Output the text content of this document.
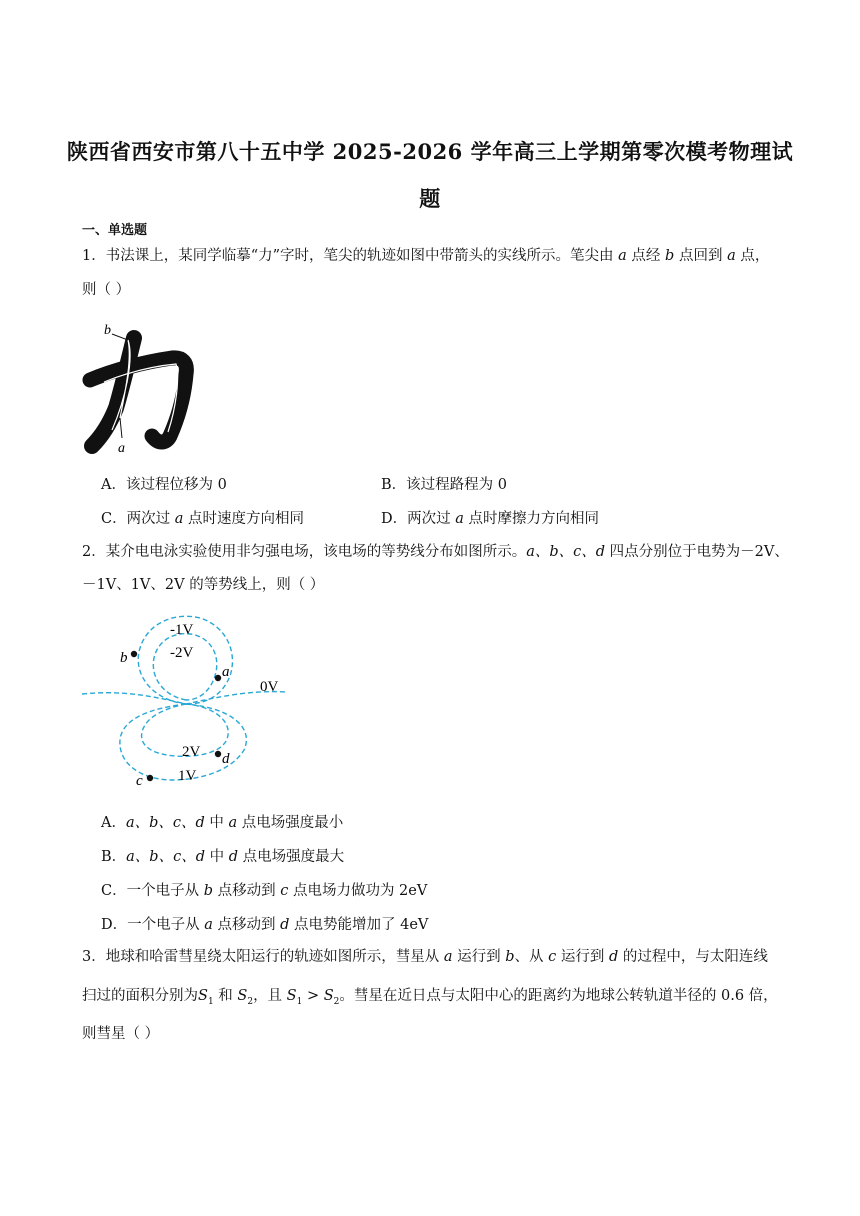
陕西省西安市第八十五中学 2025-2026 学年高三上学期第零次模考物理试
题
一、单选题
1．书法课上，某同学临摹“力”字时，笔尖的轨迹如图中带箭头的实线所示。笔尖由 a 点经 b 点回到 a 点，
则（ ）
b
a
A．该过程位移为 0	B．该过程路程为 0
C．两次过 a 点时速度方向相同	D．两次过 a 点时摩擦力方向相同
2．某介电电泳实验使用非匀强电场，该电场的等势线分布如图所示。a、b、c、d 四点分别位于电势为－2V、
－1V、1V、2V 的等势线上，则（ ）
-1V
-2V
0V
2V
1V
a
b
c
d
A．a、b、c、d 中 a 点电场强度最小
B．a、b、c、d 中 d 点电场强度最大
C．一个电子从 b 点移动到 c 点电场力做功为 2eV
D．一个电子从 a 点移动到 d 点电势能增加了 4eV
3．地球和哈雷彗星绕太阳运行的轨迹如图所示，彗星从 a 运行到 b、从 c 运行到 d 的过程中，与太阳连线
扫过的面积分别为$S_1$ 和 $S_2$，且 $S_1 > S_2$。彗星在近日点与太阳中心的距离约为地球公转轨道半径的 0.6 倍，
则彗星（ ）
